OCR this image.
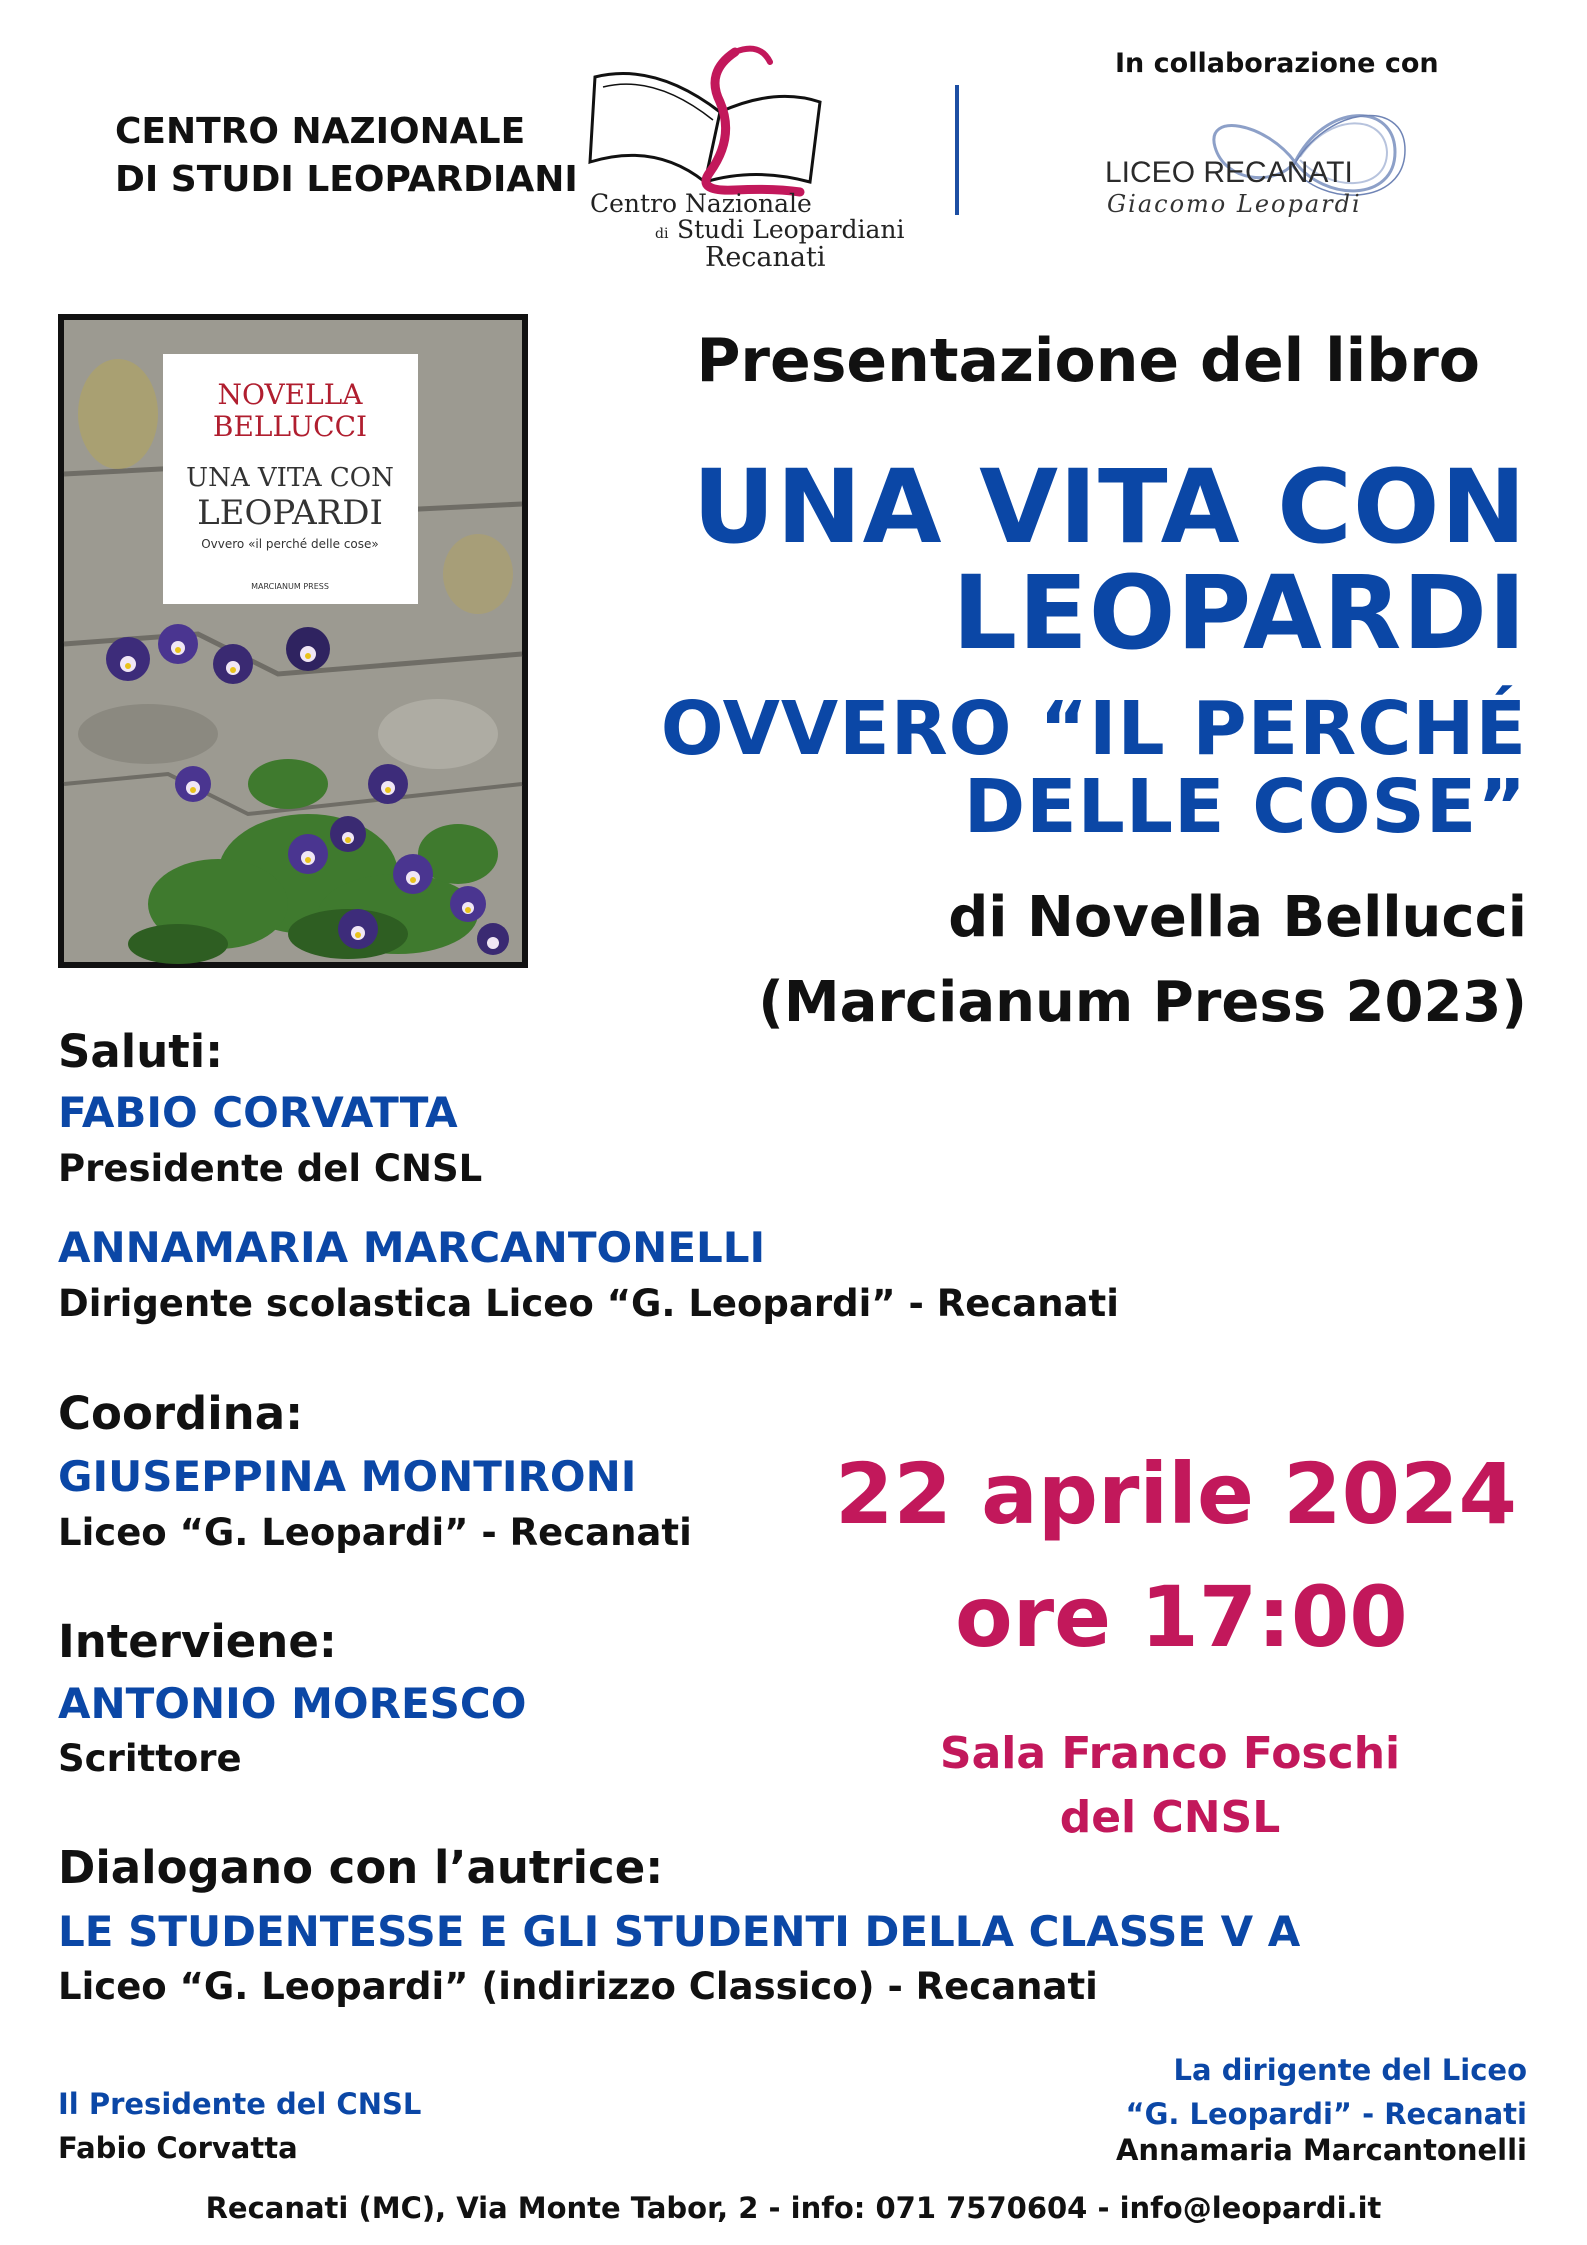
CENTRO NAZIONALE
DI STUDI LEOPARDIANI
Centro Nazionale
di Studi Leopardiani
Recanati
In collaborazione con
LICEO RECANATI
Giacomo Leopardi
NOVELLA
BELLUCCI
UNA VITA CON
LEOPARDI
Ovvero «il perché delle cose»
MARCIANUM PRESS
Presentazione del libro
UNA VITA CON
LEOPARDI
OVVERO “IL PERCHÉ
DELLE COSE”
di Novella Bellucci
(Marcianum Press 2023)
Saluti:
FABIO CORVATTA
Presidente del CNSL
ANNAMARIA MARCANTONELLI
Dirigente scolastica Liceo “G. Leopardi” - Recanati
Coordina:
GIUSEPPINA MONTIRONI
Liceo “G. Leopardi” - Recanati
Interviene:
ANTONIO MORESCO
Scrittore
Dialogano con l’autrice:
LE STUDENTESSE E GLI STUDENTI DELLA CLASSE V A
Liceo “G. Leopardi” (indirizzo Classico) - Recanati
22 aprile 2024
ore 17:00
Sala Franco Foschi
del CNSL
Il Presidente del CNSL
Fabio Corvatta
La dirigente del Liceo
“G. Leopardi” - Recanati
Annamaria Marcantonelli
Recanati (MC), Via Monte Tabor, 2 - info: 071 7570604 - info@leopardi.it
